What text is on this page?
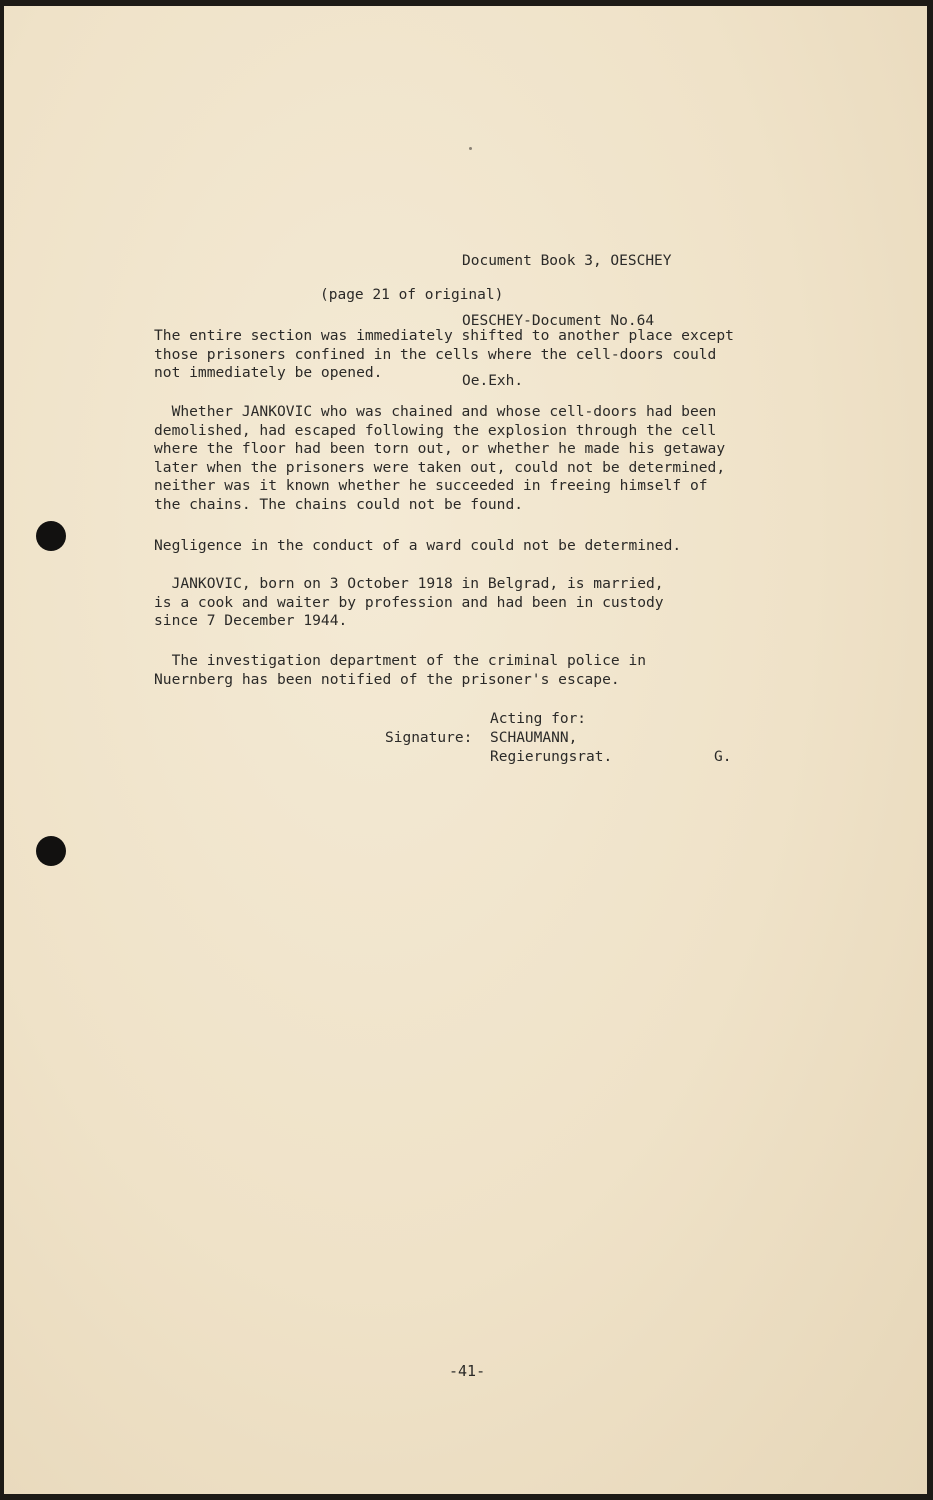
Document Book 3, OESCHEY

OESCHEY-Document No.64

Oe.Exh.

(page 21 of original)
The entire section was immediately shifted to another place except
those prisoners confined in the cells where the cell-doors could
not immediately be opened.
Whether JANKOVIC who was chained and whose cell-doors had been
demolished, had escaped following the explosion through the cell
where the floor had been torn out, or whether he made his getaway
later when the prisoners were taken out, could not be determined,
neither was it known whether he succeeded in freeing himself of
the chains. The chains could not be found.
Negligence in the conduct of a ward could not be determined.
JANKOVIC, born on 3 October 1918 in Belgrad, is married,
is a cook and waiter by profession and had been in custody
since 7 December 1944.
The investigation department of the criminal police in
Nuernberg has been notified of the prisoner's escape.
Acting for:
Signature: SCHAUMANN,
Regierungsrat.	G.
-41-
